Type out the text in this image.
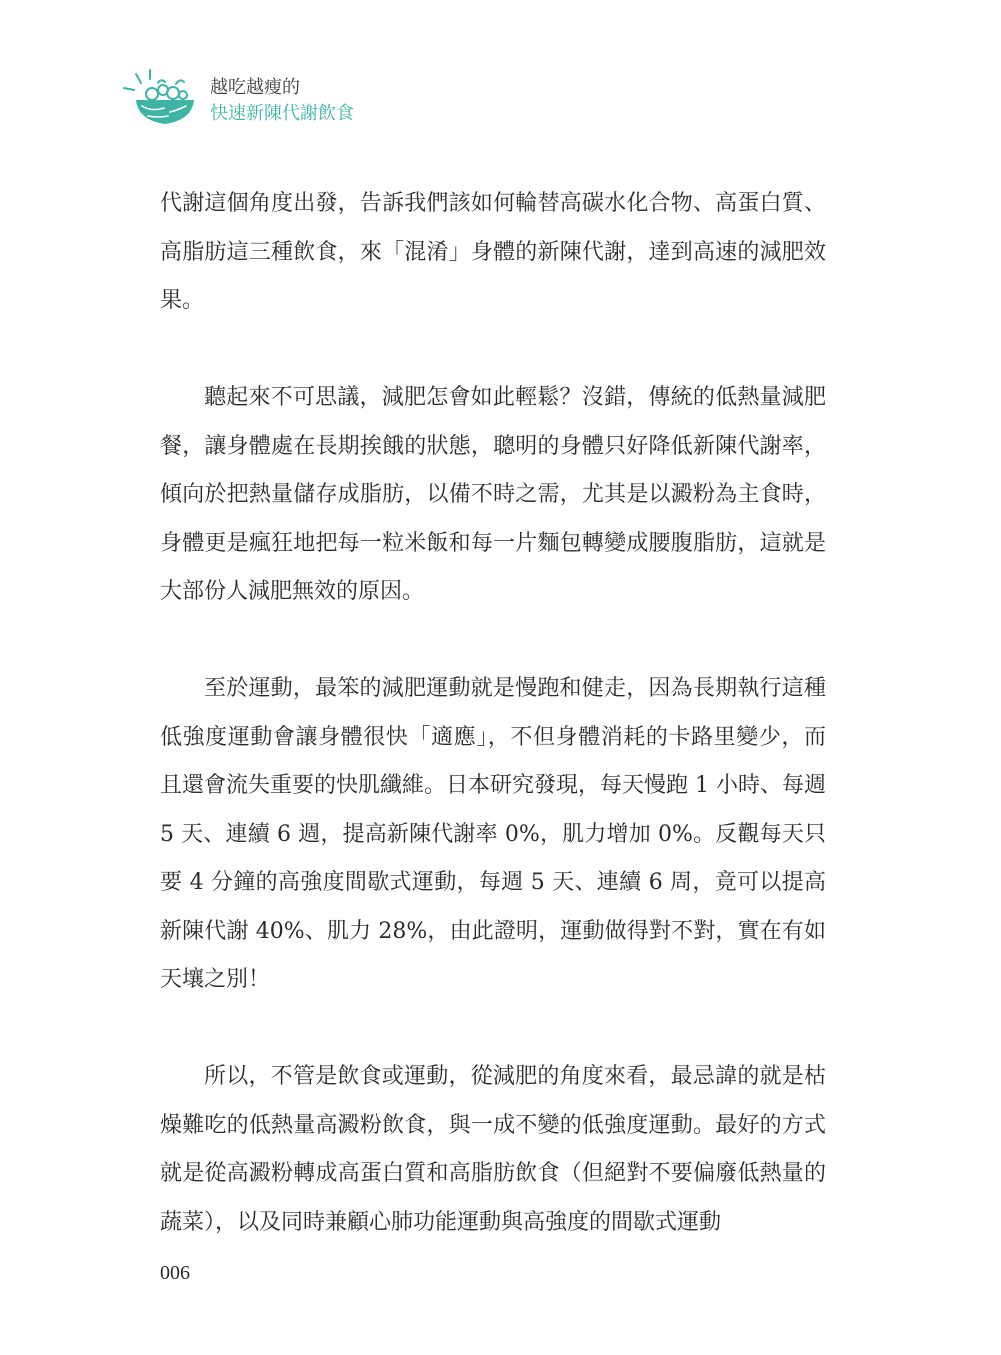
越吃越瘦的
快速新陳代謝飲食

代謝這個角度出發，告訴我們該如何輪替高碳水化合物、高蛋白質、高脂肪這三種飲食，來「混淆」身體的新陳代謝，達到高速的減肥效果。

聽起來不可思議，減肥怎會如此輕鬆？沒錯，傳統的低熱量減肥餐，讓身體處在長期挨餓的狀態，聰明的身體只好降低新陳代謝率，傾向於把熱量儲存成脂肪，以備不時之需，尤其是以澱粉為主食時，身體更是瘋狂地把每一粒米飯和每一片麵包轉變成腰腹脂肪，這就是大部份人減肥無效的原因。

至於運動，最笨的減肥運動就是慢跑和健走，因為長期執行這種低強度運動會讓身體很快「適應」，不但身體消耗的卡路里變少，而且還會流失重要的快肌纖維。日本研究發現，每天慢跑 1 小時、每週 5 天、連續 6 週，提高新陳代謝率 0%，肌力增加 0%。反觀每天只要 4 分鐘的高強度間歇式運動，每週 5 天、連續 6 周，竟可以提高新陳代謝 40%、肌力 28%，由此證明，運動做得對不對，實在有如天壤之別！

所以，不管是飲食或運動，從減肥的角度來看，最忌諱的就是枯燥難吃的低熱量高澱粉飲食，與一成不變的低強度運動。最好的方式就是從高澱粉轉成高蛋白質和高脂肪飲食（但絕對不要偏廢低熱量的蔬菜），以及同時兼顧心肺功能運動與高強度的間歇式運動

006
